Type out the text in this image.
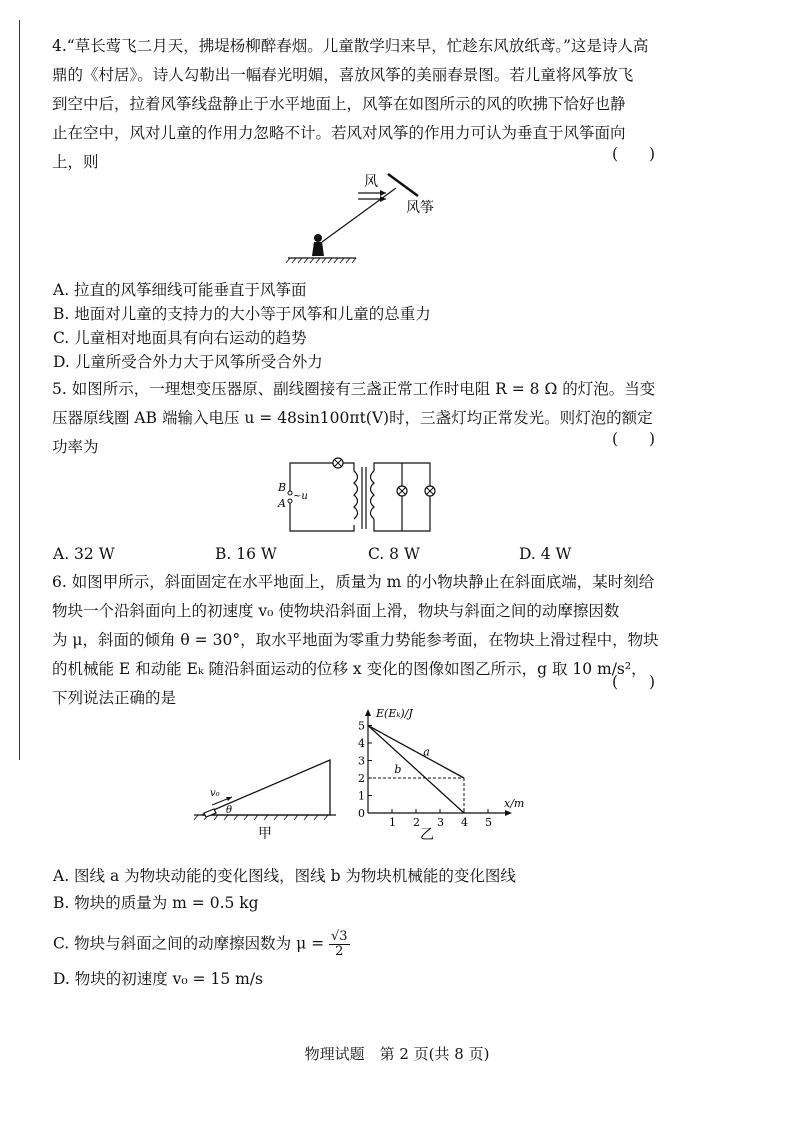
4.“草长莺飞二月天，拂堤杨柳醉春烟。儿童散学归来早，忙趁东风放纸鸢。”这是诗人高
鼎的《村居》。诗人勾勒出一幅春光明媚，喜放风筝的美丽春景图。若儿童将风筝放飞
到空中后，拉着风筝线盘静止于水平地面上，风筝在如图所示的风的吹拂下恰好也静
止在空中，风对儿童的作用力忽略不计。若风对风筝的作用力可认为垂直于风筝面向
上，则	(　　)
风
风筝
A. 拉直的风筝细线可能垂直于风筝面
B. 地面对儿童的支持力的大小等于风筝和儿童的总重力
C. 儿童相对地面具有向右运动的趋势
D. 儿童所受合外力大于风筝所受合外力
5. 如图所示，一理想变压器原、副线圈接有三盏正常工作时电阻 R = 8 Ω 的灯泡。当变
压器原线圈 AB 端输入电压 u = 48sin100πt(V)时，三盏灯均正常发光。则灯泡的额定
功率为	(　　)
B
A
~u
A. 32 W	B. 16 W	C. 8 W	D. 4 W
6. 如图甲所示，斜面固定在水平地面上，质量为 m 的小物块静止在斜面底端，某时刻给
物块一个沿斜面向上的初速度 v₀ 使物块沿斜面上滑，物块与斜面之间的动摩擦因数
为 μ，斜面的倾角 θ = 30°，取水平地面为零重力势能参考面，在物块上滑过程中，物块
的机械能 E 和动能 Eₖ 随沿斜面运动的位移 x 变化的图像如图乙所示，g 取 10 m/s²，
下列说法正确的是
(　　)
v₀
θ
甲
E(Eₖ)/J
x/m
0
1
2
3
4
5
1 2 3 4 5
a
b
乙
A. 图线 a 为物块动能的变化图线，图线 b 为物块机械能的变化图线
B. 物块的质量为 m = 0.5 kg
C. 物块与斜面之间的动摩擦因数为 $\mu = \frac{√3}{2}$
D. 物块的初速度 v₀ = 15 m/s
物理试题　第 2 页(共 8 页)
